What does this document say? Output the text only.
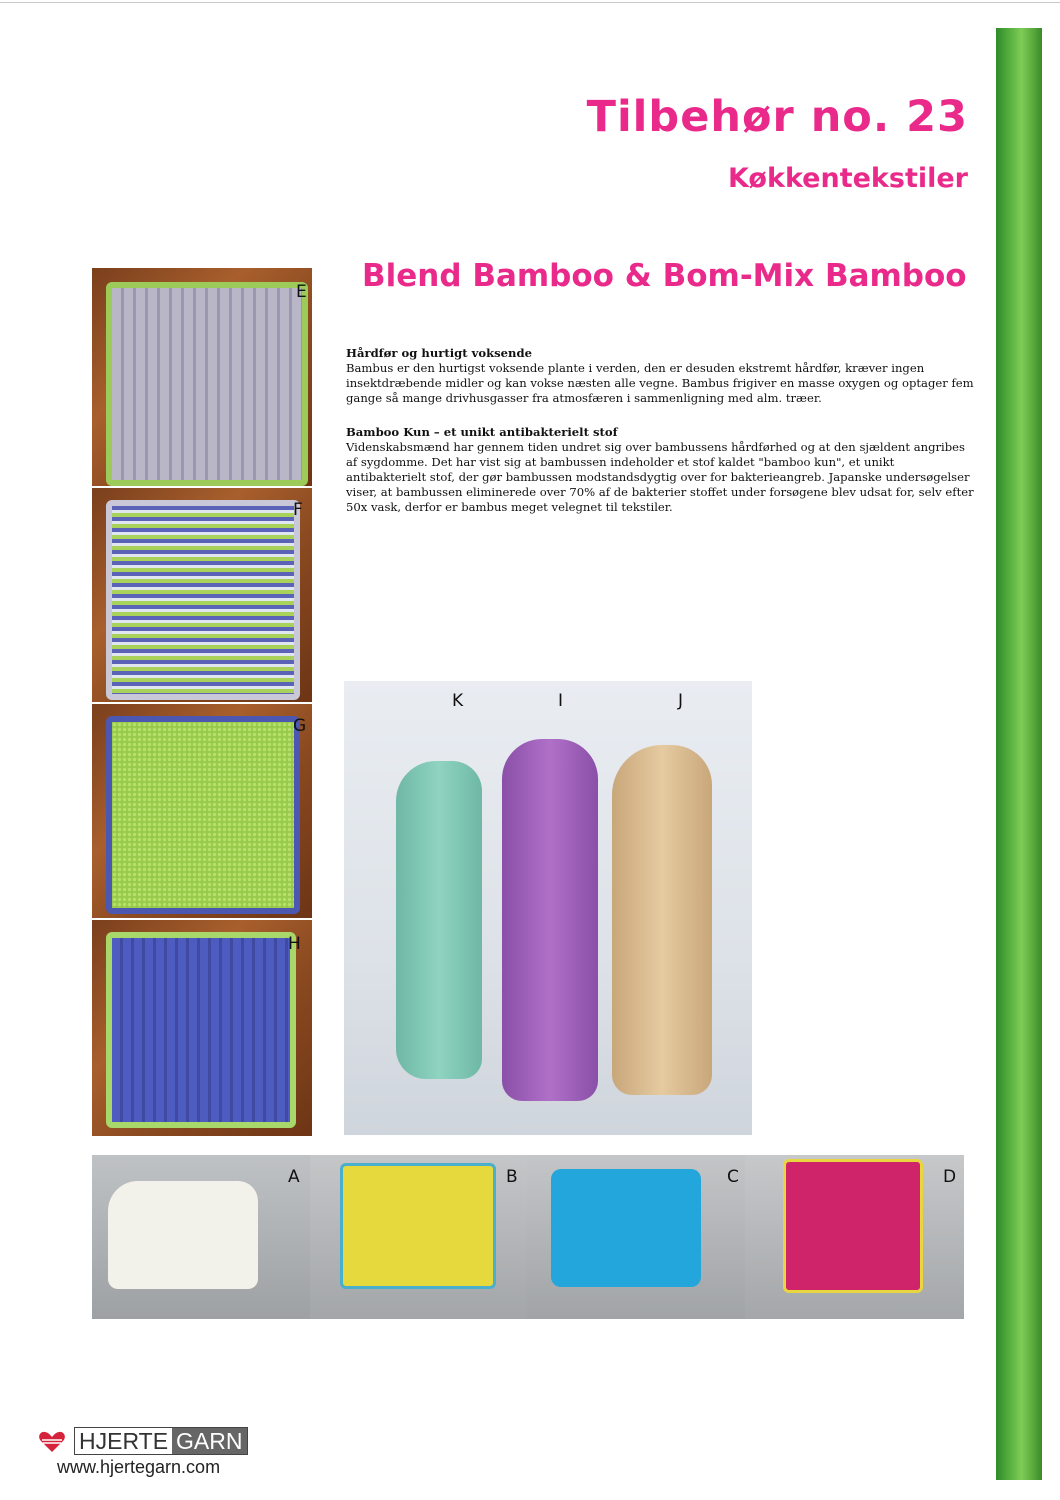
Tilbehør no. 23
Køkkentekstiler
Blend Bamboo & Bom-Mix Bamboo
Hårdfør og hurtigt voksende
Bambus er den hurtigst voksende plante i verden, den er desuden ekstremt hårdfør, kræver ingen insektdræbende midler og kan vokse næsten alle vegne. Bambus frigiver en masse oxygen og optager fem gange så mange drivhusgasser fra atmosfæren i sammenligning med alm. træer.
Bamboo Kun – et unikt antibakterielt stof
Videnskabsmænd har gennem tiden undret sig over bambussens hårdførhed og at den sjældent angribes af sygdomme. Det har vist sig at bambussen indeholder et stof kaldet "bamboo kun", et unikt antibakterielt stof, der gør bambussen modstandsdygtig over for bakterieangreb. Japanske undersøgelser viser, at bambussen eliminerede over 70% af de bakterier stoffet under forsøgene blev udsat for, selv efter 50x vask, derfor er bambus meget velegnet til tekstiler.
E
F
G
H
K	I	J
A	B	C	D
HJERTE GARN
www.hjertegarn.com
